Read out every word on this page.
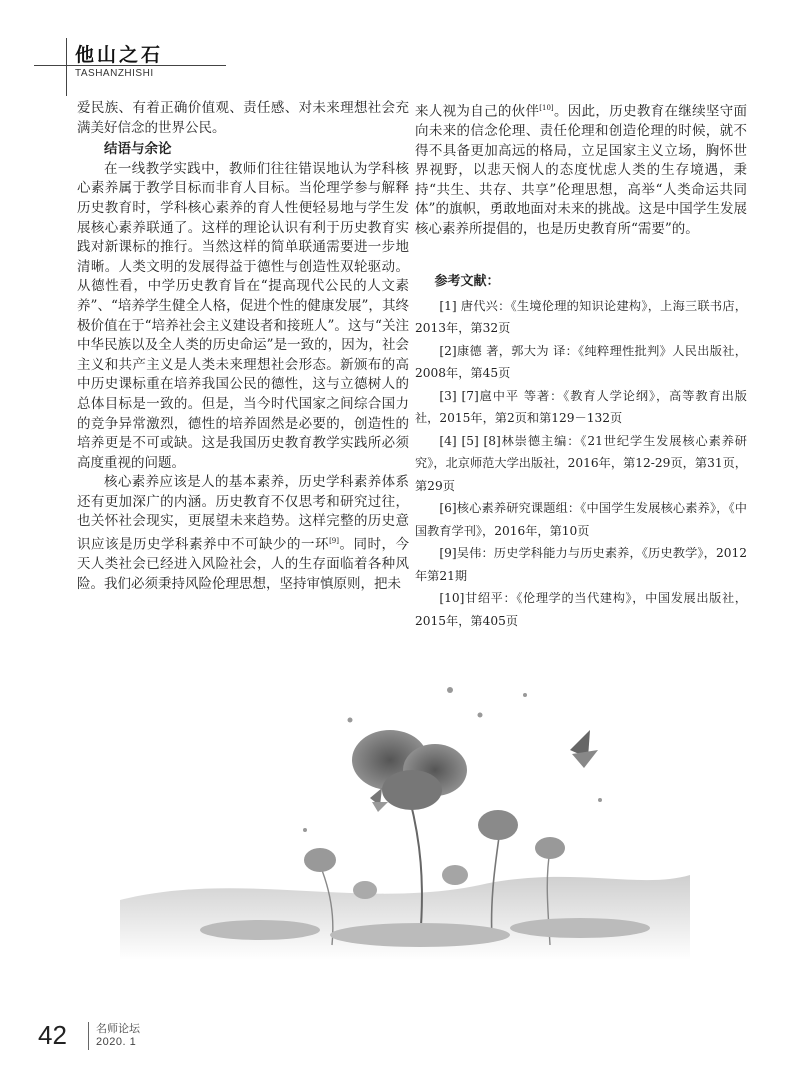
他山之石
TASHANZHISHI

爱民族、有着正确价值观、责任感、对未来理想社会充满美好信念的世界公民。

结语与余论

在一线教学实践中，教师们往往错误地认为学科核心素养属于教学目标而非育人目标。当伦理学参与解释历史教育时，学科核心素养的育人性便轻易地与学生发展核心素养联通了。这样的理论认识有利于历史教育实践对新课标的推行。当然这样的简单联通需要进一步地清晰。人类文明的发展得益于德性与创造性双轮驱动。从德性看，中学历史教育旨在“提高现代公民的人文素养”、“培养学生健全人格，促进个性的健康发展”，其终极价值在于“培养社会主义建设者和接班人”。这与“关注中华民族以及全人类的历史命运”是一致的，因为，社会主义和共产主义是人类未来理想社会形态。新颁布的高中历史课标重在培养我国公民的德性，这与立德树人的总体目标是一致的。但是，当今时代国家之间综合国力的竞争异常激烈，德性的培养固然是必要的，创造性的培养更是不可或缺。这是我国历史教育教学实践所必须高度重视的问题。

核心素养应该是人的基本素养，历史学科素养体系还有更加深广的内涵。历史教育不仅思考和研究过往，也关怀社会现实，更展望未来趋势。这样完整的历史意识应该是历史学科素养中不可缺少的一环[9]。同时，今天人类社会已经进入风险社会，人的生存面临着各种风险。我们必须秉持风险伦理思想，坚持审慎原则，把未

来人视为自己的伙伴[10]。因此，历史教育在继续坚守面向未来的信念伦理、责任伦理和创造伦理的时候，就不得不具备更加高远的格局，立足国家主义立场，胸怀世界视野，以悲天悯人的态度忧虑人类的生存境遇，秉持“共生、共存、共享”伦理思想，高举“人类命运共同体”的旗帜，勇敢地面对未来的挑战。这是中国学生发展核心素养所提倡的，也是历史教育所“需要”的。

参考文献：

[1] 唐代兴：《生境伦理的知识论建构》，上海三联书店，2013年，第32页

[2]康德 著，郭大为 译：《纯粹理性批判》人民出版社，2008年，第45页

[3] [7]扈中平 等著：《教育人学论纲》，高等教育出版社，2015年，第2页和第129－132页

[4] [5] [8]林崇德主编：《21世纪学生发展核心素养研究》，北京师范大学出版社，2016年，第12-29页，第31页，第29页

[6]核心素养研究课题组：《中国学生发展核心素养》，《中国教育学刊》，2016年，第10页

[9]吴伟：历史学科能力与历史素养，《历史教学》，2012年第21期

[10]甘绍平：《伦理学的当代建构》，中国发展出版社，2015年，第405页

42	名师论坛
2020. 1
